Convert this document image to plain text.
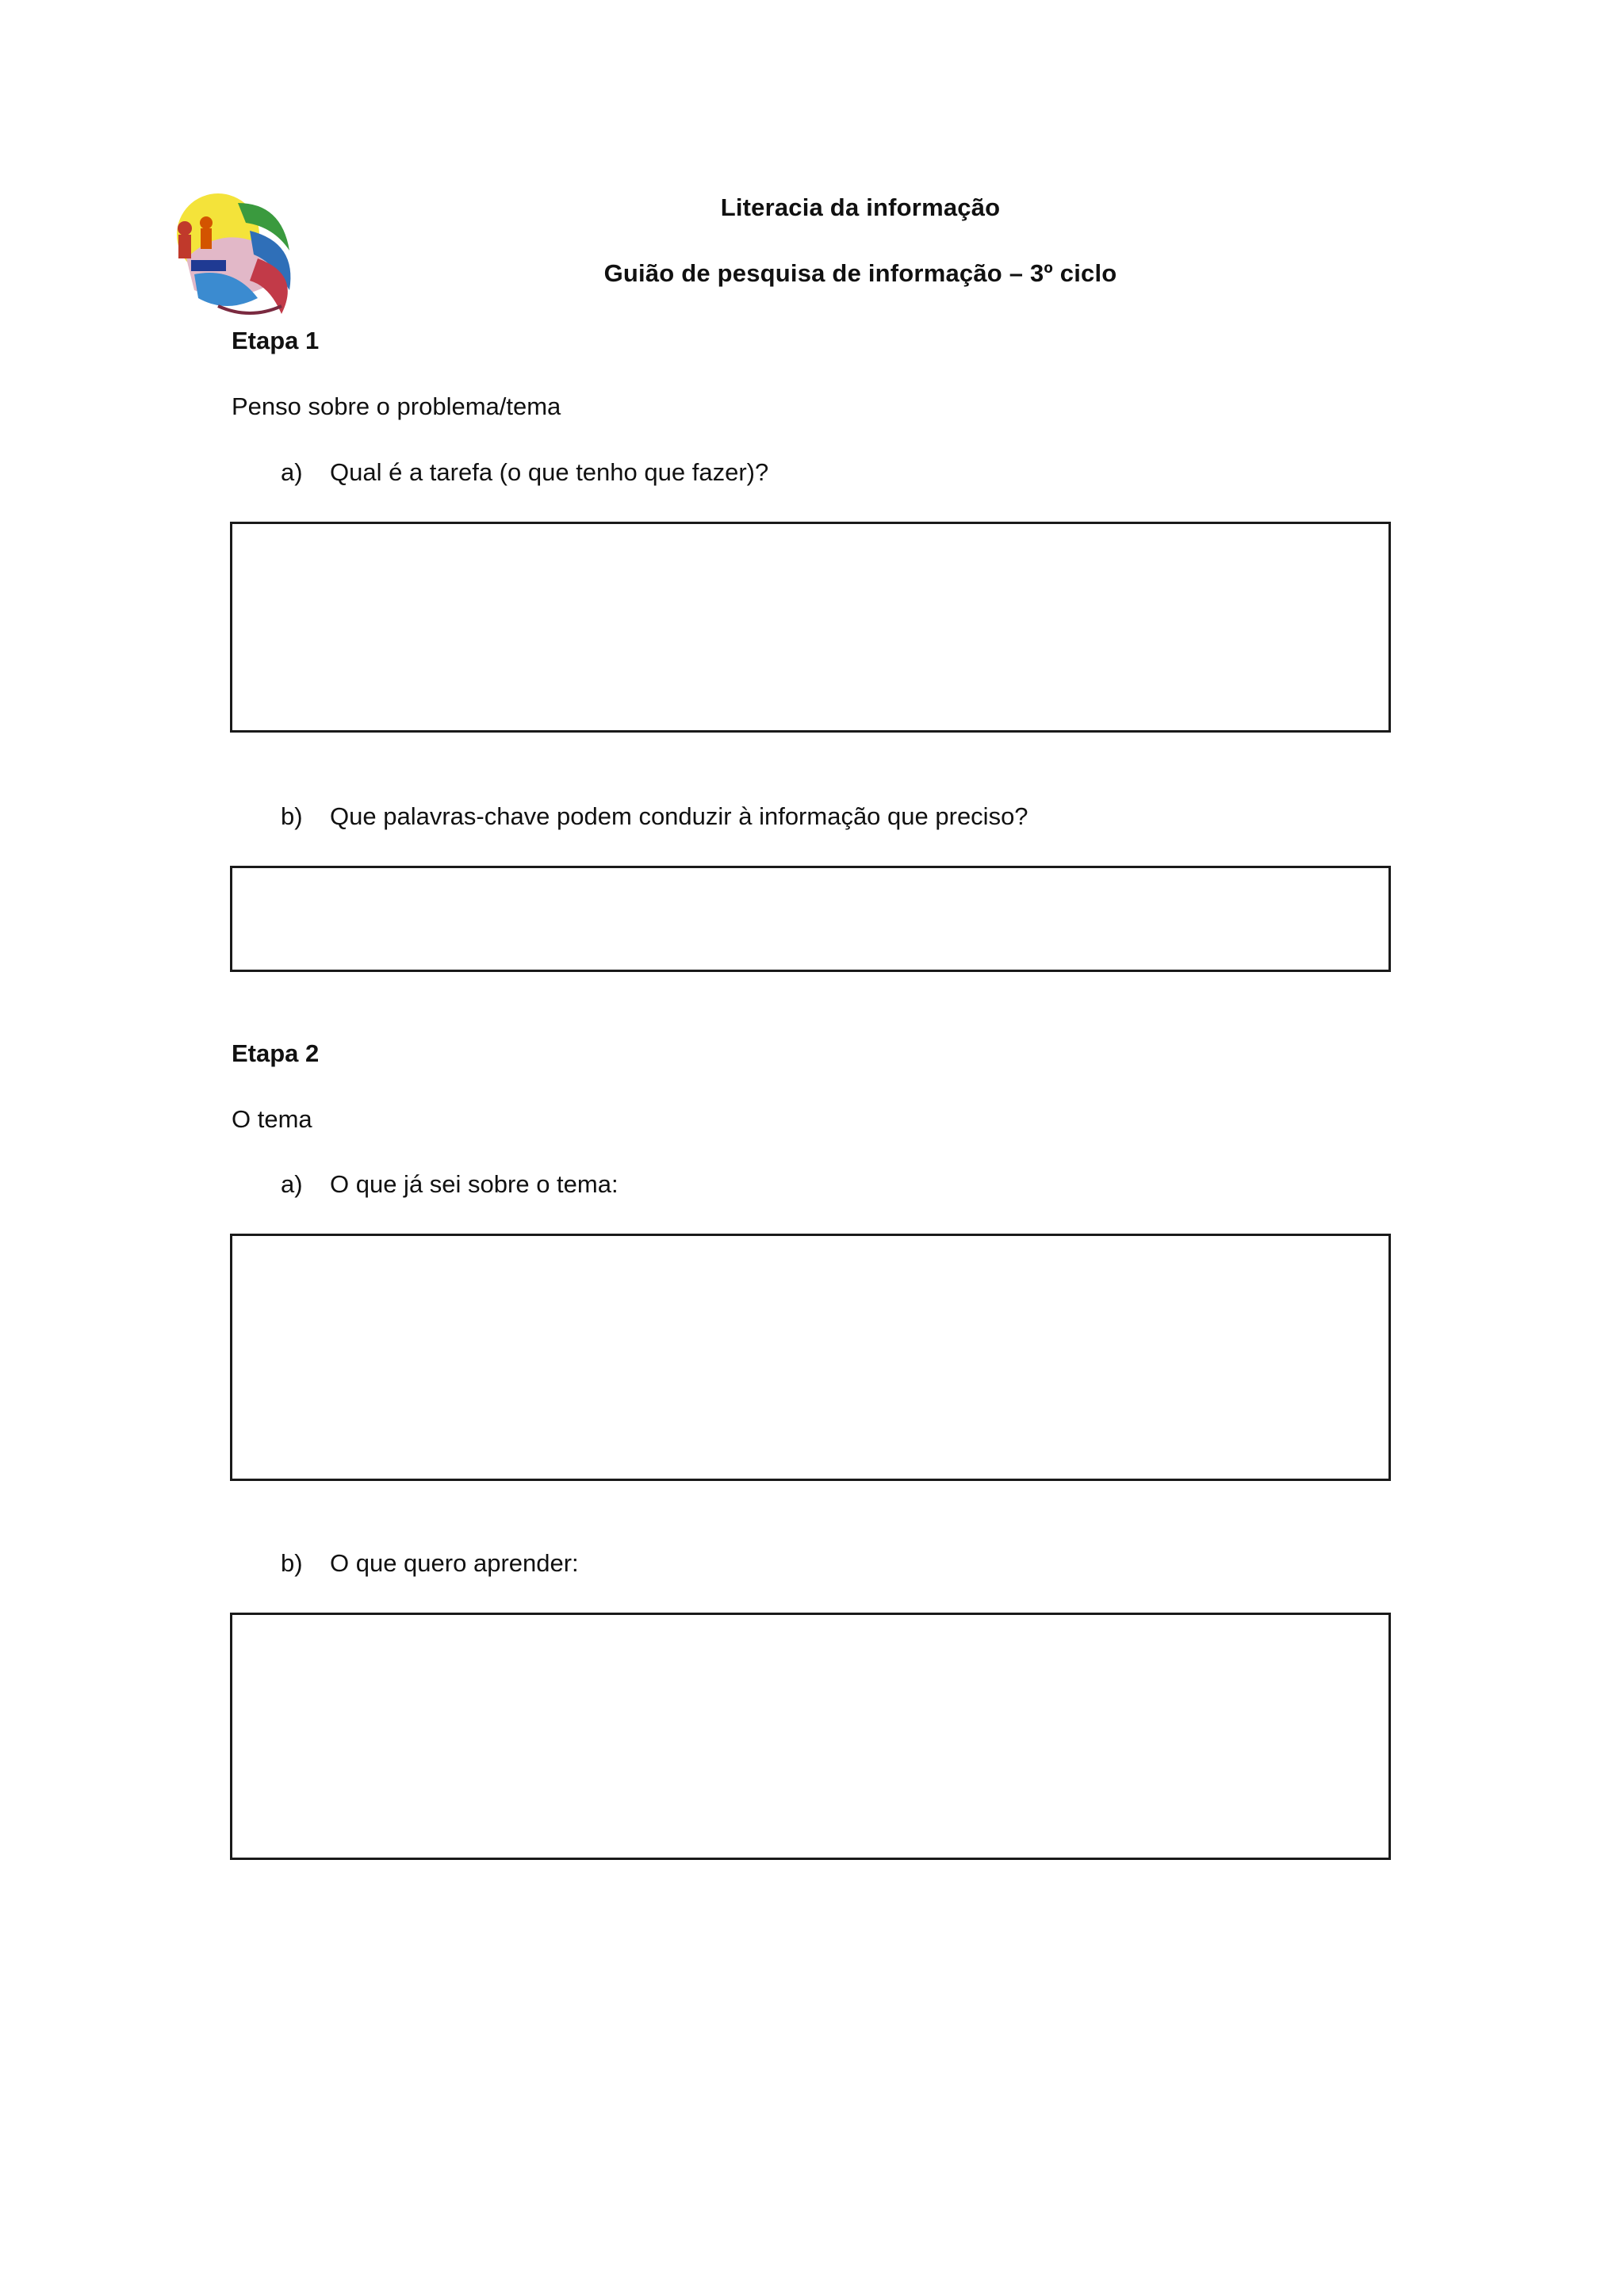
Literacia da informação
Guião de pesquisa de informação – 3º ciclo
Etapa 1
Penso sobre o problema/tema
a)	Qual é a tarefa (o que tenho que fazer)?
b)	Que palavras-chave podem conduzir à informação que preciso?
Etapa 2
O tema
a)	O que já sei sobre o tema:
b)	O que quero aprender:
